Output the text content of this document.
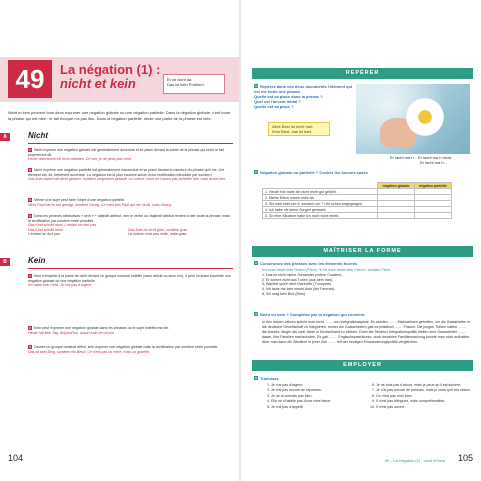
49	La négation (1) :
nicht et kein	Er ist nicht da.
Das ist kein Problem.
Nicht et kein peuvent tous deux exprimer une négation globale ou une négation partielle. Dans la négation globale, c'est toute la phrase qui est niée : le fait évoqué n'a pas lieu. Dans la négation partielle, seule une partie de la phrase est niée.
A	Nicht
1 Nicht exprime une négation globale est généralement accentué et se place devant la partie de la phrase qui reste le fait proprement dit.
Heute übernimmt ich nicht arbeiten. Ce soir, je ne peux pas venir.
2 Nicht exprime une négation partielle est généralement inaccentué et se place devant le membre du phrase qu'il nie. Cet élément est, lui, fortement accentué. La négation est la plus souvent suivie d'une rectification introduite par sondern.
Das Auto haben wir nicht gestern, sondern vorgestern gekauft. La voiture, nous ne l'avons pas achetée hier, mais avant-hier.
3 Même si le sujet peut faire l'objet d'une négation partielle.
Nicht Paul hat es mir gesagt, sondern Georg. Ce n'est pas Paul qui me l'a dit, mais Georg.
4 Dans les phrases attributives « sein » + adjectif attribut, nier le verbe ou l'adjectif attribut revient à nier toute la phrase, mais la rectification par sondern reste possible.
Das Kind schläft nicht. L'enfant ne dort pas.
Das Kind schläft nicht.
L'enfant ne dort pas.
Das Auto ist nicht grün, sondern grau.
La voiture n'est pas verte, mais grise.
B	Kein
1 Kein s'emploie à la place de nicht devant un groupe nominal indéfini (sans article ou avec ein). Il peut lui aussi exprimer une négation globale ou une négation partielle.
Ich habe kein Geld. Je n'ai pas d'argent.
2 Kein peut exprimer une négation globale dans les phrases où le sujet indéfini est nié.
Heute hat kein Tag. Aujourd'hui, aucun train ne circule.
3 Devant un groupe nominal défini, kein exprime une négation globale mais la rectification par sondern reste possible.
Das ist kein Ding, sondern ein Beruf. Ce n'est pas un verre, mais un gobelet.
104
REPÉRER
1 Repérez dans ces deux documents l'élément qui est nié toute une phrase.
Quelle est sa place dans la phrase ?
Quel est l'accent initial ?
Quelle est sa place ?
Alles Best ist nicht hart.
Kein Best, das ist hart.
Er lacht ma h... Er lacht ma h nicht.
Er lacht ma h...
2 Négation globale ou partielle ? Cochez les bonnes cases
	négation globale	négation partielle
1. Heute früh habe ich nicht recht gut gefühlt.		
2. Meine Eltern waren nicht da.		
3. Sie sind nicht um 9, sondern um 7 Uhr schon angegangen.		
4. Ich habe nie keine Sorgen gemacht.		
5. So eine Situation habe ich noch nicht erlebt.		
MAÎTRISER LA FORME
3 Construisez des phrases avec les éléments fournis
Ich esse heute kein Fleisch (Fisch) ➔ Ich esse heute kein Fleisch, sondern Fisch.
1. Das ist nicht meine Schwester (meine Cousine).
2. Er kommt nicht aus Turien (aus dem Iran).
3. Wartest spielt nicht Klarinette (Trompete).
4. Ich laufe mir kein neues Auto (ein Fahrrad).
5. Sie mag kein Brot (Reis).
4 Nicht ou kein ? Complétez par la négation qui convient.
In den letzten Jahren spricht man nicht ........ von Integrationsspiele. Es wurden ........ Maßnahmen getroffen, um die Gastarbeiter in die deutsche Gesellschaft zu integrieren. Immer die Gastarbeitern galt es praktisch ........ Frauen. Die jungen Türken hatten ........ die Ansicht, länger als zwei Jahre in Deutschland zu bleiben. Doch die Tendenz Integrationspolitik hielten eine Gastarbeiter ........ daran, ihre Familien nachzuholen. Es gab ........ Englischsprachkurse, doch bezahlen Familiennachzug konnte man nicht aufhalten. Aber man kann die Situation in jener Zeit ........ mit der heutigen Einwanderungspolitik vergleichen.
EMPLOYER
5 Traduisez.
1. Je n'ai pas d'argent.
2. Je n'ai pas encore de réponses.
3. Je ne la connais pas bien.
4. Elle ne s'habille pas d'une robe bleue.
5. Je n'ai pas d'appétit.
6. Je ne bois pas d'alcool, mais je peux qu'il est sincère.
7. Je n'ai pas encore de preuves, mais je crois qu'il est raison.
8. Ce n'est pas mon livre.
9. Il n'est pas bilingues, mais compréhensible.
10. Il n'est pas ouvert.
49 – La négation (1) : nicht et kein 105
